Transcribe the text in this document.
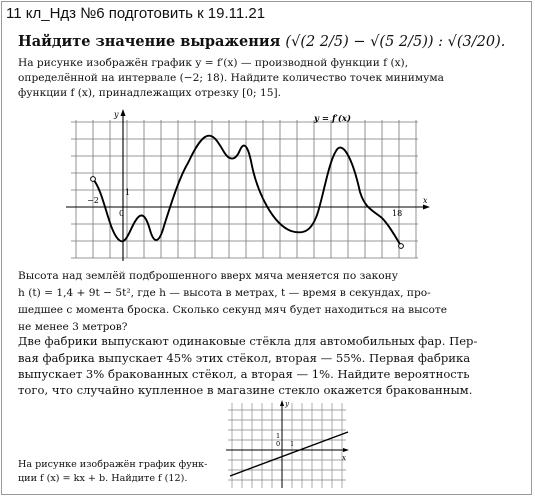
11 кл_Ндз №6 подготовить к 19.11.21
Найдите значение выражения (√(2 2/5) − √(5 2/5)) : √(3/20).
На рисунке изображён график y = f′(x) — производной функции f (x),
определённой на интервале (−2; 18). Найдите количество точек минимума
функции f (x), принадлежащих отрезку [0; 15].
y = f′(x)
x
y
−2
0
1
18
Высота над землёй подброшенного вверх мяча меняется по закону
h (t) = 1,4 + 9t − 5t², где h — высота в метрах, t — время в секундах, про-
шедшее с момента броска. Сколько секунд мяч будет находиться на высоте
не менее 3 метров?
Две фабрики выпускают одинаковые стёкла для автомобильных фар. Пер-
вая фабрика выпускает 45% этих стёкол, вторая — 55%. Первая фабрика
выпускает 3% бракованных стёкол, а вторая — 1%. Найдите вероятность
того, что случайно купленное в магазине стекло окажется бракованным.
x
y
0
1
1
На рисунке изображён график функ-
ции f (x) = kx + b. Найдите f (12).
